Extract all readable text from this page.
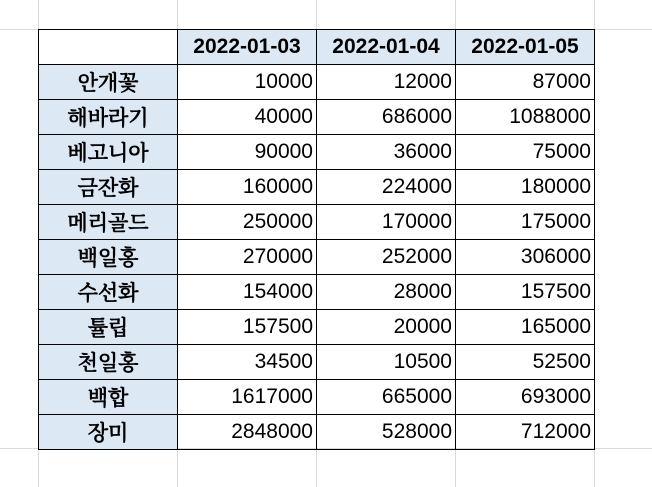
	2022-01-03	2022-01-04	2022-01-05
안개꽃	10000	12000	87000
해바라기	40000	686000	1088000
베고니아	90000	36000	75000
금잔화	160000	224000	180000
메리골드	250000	170000	175000
백일홍	270000	252000	306000
수선화	154000	28000	157500
튤립	157500	20000	165000
천일홍	34500	10500	52500
백합	1617000	665000	693000
장미	2848000	528000	712000
